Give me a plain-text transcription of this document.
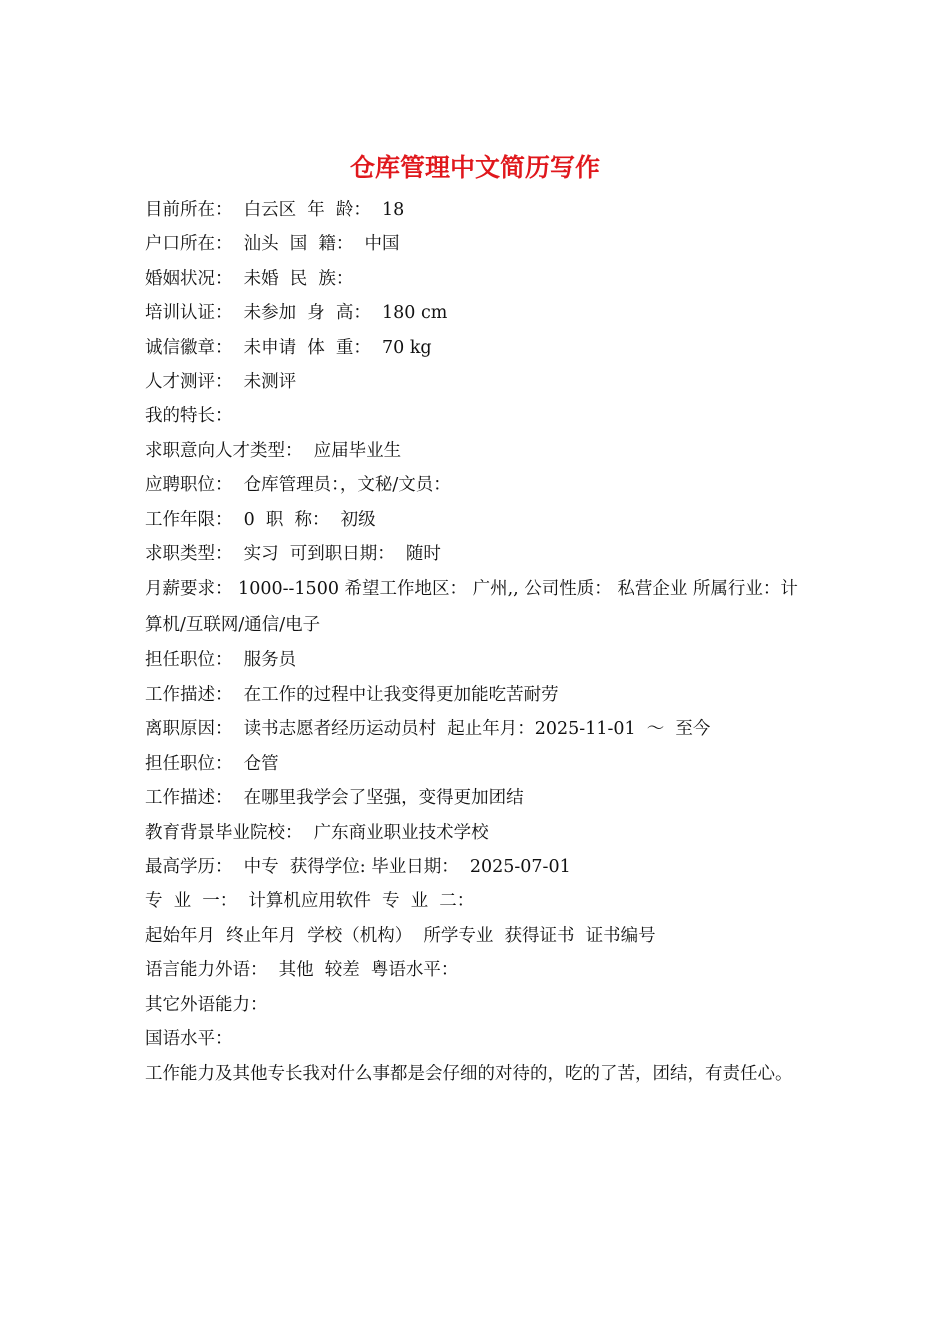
仓库管理中文简历写作

目前所在：  白云区  年  龄：  18

户口所在：  汕头  国  籍：  中国

婚姻状况：  未婚  民  族：

培训认证：  未参加  身  高：  180 cm

诚信徽章：  未申请  体  重：  70 kg

人才测评：  未测评

我的特长：

求职意向人才类型：  应届毕业生

应聘职位：  仓库管理员：，文秘/文员：

工作年限：  0  职  称：  初级

求职类型：  实习  可到职日期：  随时

月薪要求： 1000--1500 希望工作地区： 广州,, 公司性质： 私营企业 所属行业：计算机/互联网/通信/电子

担任职位：  服务员

工作描述：  在工作的过程中让我变得更加能吃苦耐劳

离职原因：  读书志愿者经历运动员村  起止年月：2025-11-01  ～  至今

担任职位：  仓管

工作描述：  在哪里我学会了坚强，变得更加团结

教育背景毕业院校：  广东商业职业技术学校

最高学历：  中专  获得学位: 毕业日期：  2025-07-01

专  业  一：  计算机应用软件  专  业  二：

起始年月  终止年月  学校（机构）  所学专业  获得证书  证书编号

语言能力外语：  其他  较差  粤语水平：

其它外语能力：

国语水平：

工作能力及其他专长我对什么事都是会仔细的对待的，吃的了苦，团结，有责任心。
